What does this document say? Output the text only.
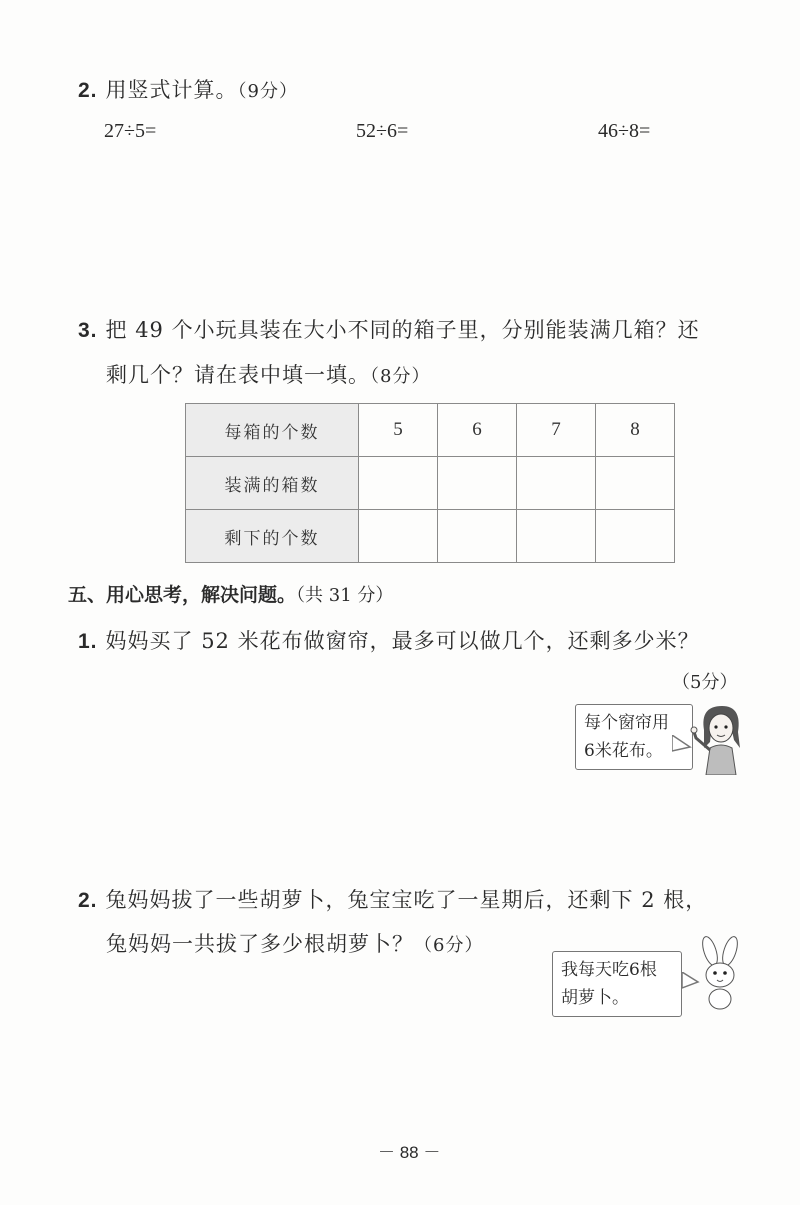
2. 用竖式计算。（9分）
27÷5=	52÷6=	46÷8=
3. 把 49 个小玩具装在大小不同的箱子里，分别能装满几箱？还
剩几个？请在表中填一填。（8分）
每箱的个数	5	6	7	8
装满的箱数				
剩下的个数				
五、用心思考，解决问题。（共 31 分）
1. 妈妈买了 52 米花布做窗帘，最多可以做几个，还剩多少米？
（5分）
每个窗帘用
6米花布。
2. 兔妈妈拔了一些胡萝卜，兔宝宝吃了一星期后，还剩下 2 根，
兔妈妈一共拔了多少根胡萝卜？（6分）
我每天吃6根
胡萝卜。
－ 88 －
